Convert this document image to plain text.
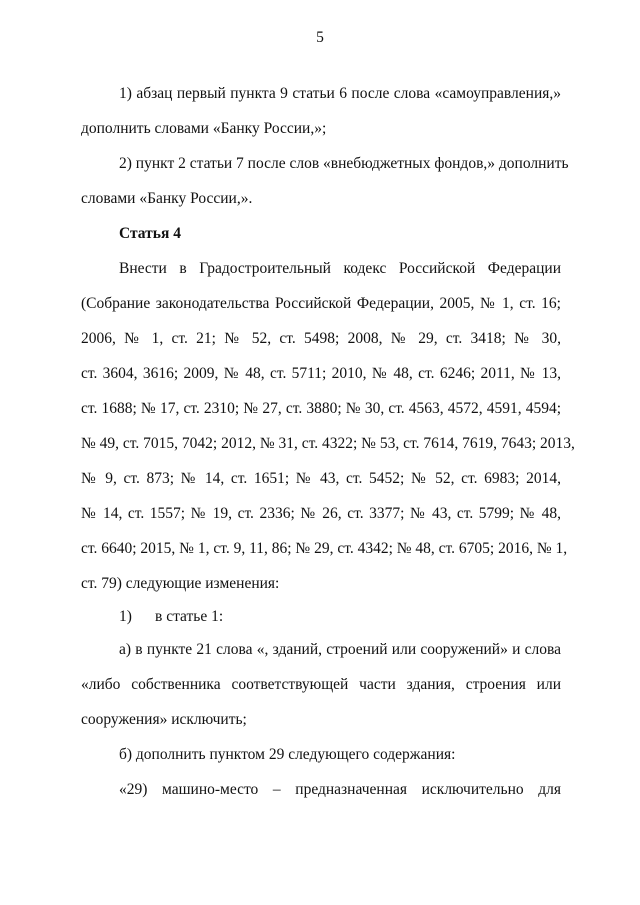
5
1) абзац первый пункта 9 статьи 6 после слова «самоуправления,»
дополнить словами «Банку России,»;
2) пункт 2 статьи 7 после слов «внебюджетных фондов,» дополнить
словами «Банку России,».
Статья 4
Внести в Градостроительный кодекс Российской Федерации
(Собрание законодательства Российской Федерации, 2005, № 1, ст. 16;
2006, № 1, ст. 21; № 52, ст. 5498; 2008, № 29, ст. 3418; № 30,
ст. 3604, 3616; 2009, № 48, ст. 5711; 2010, № 48, ст. 6246; 2011, № 13,
ст. 1688; № 17, ст. 2310; № 27, ст. 3880; № 30, ст. 4563, 4572, 4591, 4594;
№ 49, ст. 7015, 7042; 2012, № 31, ст. 4322; № 53, ст. 7614, 7619, 7643; 2013,
№ 9, ст. 873; № 14, ст. 1651; № 43, ст. 5452; № 52, ст. 6983; 2014,
№ 14, ст. 1557; № 19, ст. 2336; № 26, ст. 3377; № 43, ст. 5799; № 48,
ст. 6640; 2015, № 1, ст. 9, 11, 86; № 29, ст. 4342; № 48, ст. 6705; 2016, № 1,
ст. 79) следующие изменения:
1) в статье 1:
а) в пункте 21 слова «, зданий, строений или сооружений» и слова
«либо собственника соответствующей части здания, строения или
сооружения» исключить;
б) дополнить пунктом 29 следующего содержания:
«29) машино-место – предназначенная исключительно для
